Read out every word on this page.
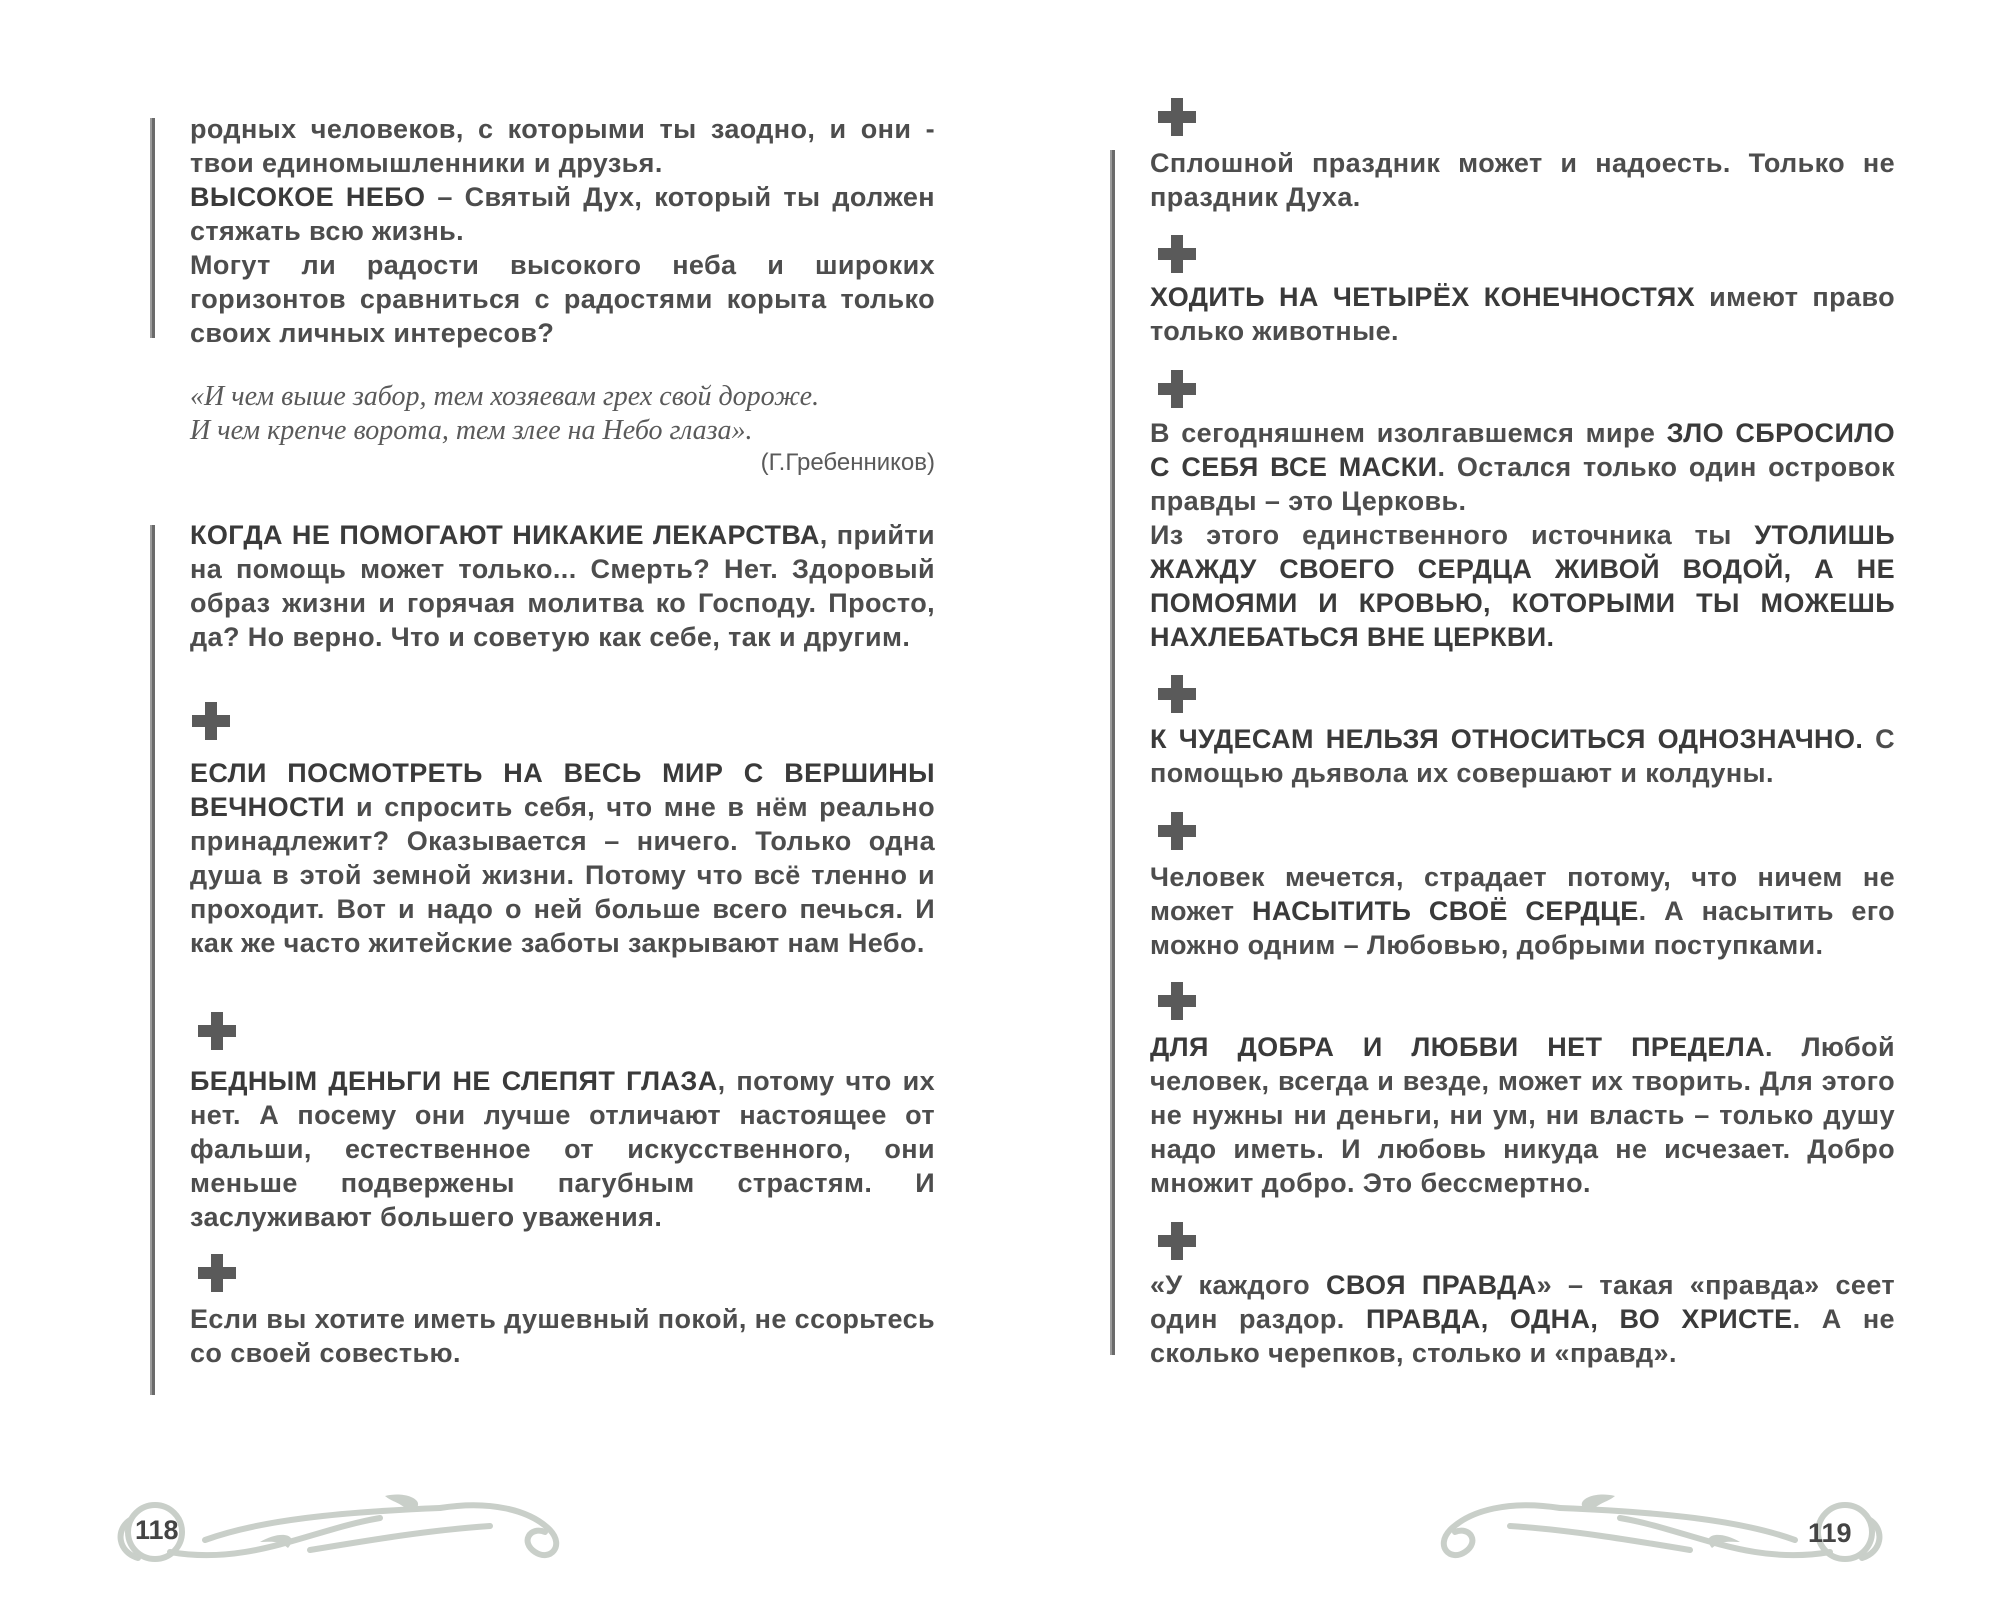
родных человеков, с которыми ты заодно, и они - твои единомышленники и друзья.
ВЫСОКОЕ НЕБО – Святый Дух, который ты должен стяжать всю жизнь.
Могут ли радости высокого неба и широких горизонтов сравниться с радостями корыта только своих личных интересов?
«И чем выше забор, тем хозяевам грех свой дороже.
И чем крепче ворота, тем злее на Небо глаза».
(Г.Гребенников)
КОГДА НЕ ПОМОГАЮТ НИКАКИЕ ЛЕКАРСТВА, прийти на помощь может только... Смерть? Нет. Здоровый образ жизни и горячая молитва ко Господу. Просто, да? Но верно. Что и советую как себе, так и другим.
ЕСЛИ ПОСМОТРЕТЬ НА ВЕСЬ МИР С ВЕРШИНЫ ВЕЧНОСТИ и спросить себя, что мне в нём реально принадлежит? Оказывается – ничего. Только одна душа в этой земной жизни. Потому что всё тленно и проходит. Вот и надо о ней больше всего печься. И как же часто житейские заботы закрывают нам Небо.
БЕДНЫМ ДЕНЬГИ НЕ СЛЕПЯТ ГЛАЗА, потому что их нет. А посему они лучше отличают настоящее от фальши, естественное от искусственного, они меньше подвержены пагубным страстям. И заслуживают большего уважения.
Если вы хотите иметь душевный покой, не ссорьтесь со своей совестью.
118
Сплошной праздник может и надоесть. Только не праздник Духа.
ХОДИТЬ НА ЧЕТЫРЁХ КОНЕЧНОСТЯХ имеют право только животные.
В сегодняшнем изолгавшемся мире ЗЛО СБРОСИЛО С СЕБЯ ВСЕ МАСКИ. Остался только один островок правды – это Церковь.
Из этого единственного источника ты УТОЛИШЬ ЖАЖДУ СВОЕГО СЕРДЦА ЖИВОЙ ВОДОЙ, А НЕ ПОМОЯМИ И КРОВЬЮ, КОТОРЫМИ ТЫ МОЖЕШЬ НАХЛЕБАТЬСЯ ВНЕ ЦЕРКВИ.
К ЧУДЕСАМ НЕЛЬЗЯ ОТНОСИТЬСЯ ОДНОЗНАЧНО. С помощью дьявола их совершают и колдуны.
Человек мечется, страдает потому, что ничем не может НАСЫТИТЬ СВОЁ СЕРДЦЕ. А насытить его можно одним – Любовью, добрыми поступками.
ДЛЯ ДОБРА И ЛЮБВИ НЕТ ПРЕДЕЛА. Любой человек, всегда и везде, может их творить. Для этого не нужны ни деньги, ни ум, ни власть – только душу надо иметь. И любовь никуда не исчезает. Добро множит добро. Это бессмертно.
«У каждого СВОЯ ПРАВДА» – такая «правда» сеет один раздор. ПРАВДА, ОДНА, ВО ХРИСТЕ. А не сколько черепков, столько и «правд».
119
